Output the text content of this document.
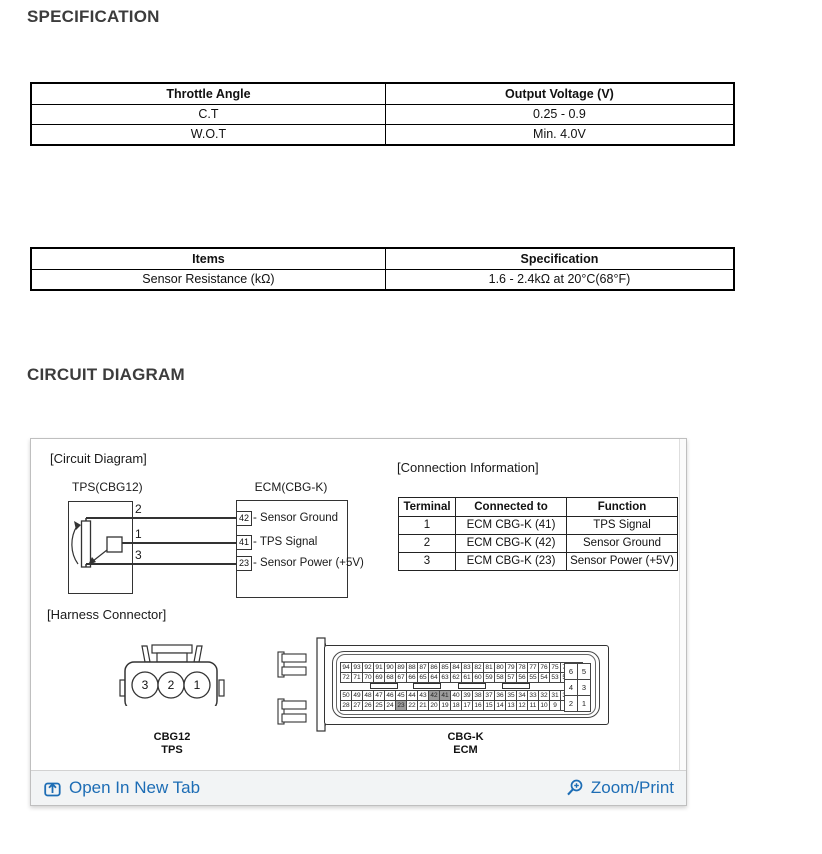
SPECIFICATION
Throttle Angle	Output Voltage (V)
C.T	0.25 - 0.9
W.O.T	Min. 4.0V
Items	Specification
Sensor Resistance (kΩ)	1.6 - 2.4kΩ at 20°C(68°F)
CIRCUIT DIAGRAM
[Circuit Diagram]
TPS(CBG12)
2
1
3
ECM(CBG-K)
42 - Sensor Ground
41 - TPS Signal
23 - Sensor Power (+5V)
[Connection Information]
Terminal	Connected to	Function
1	ECM CBG-K (41)	TPS Signal
2	ECM CBG-K (42)	Sensor Ground
3	ECM CBG-K (23)	Sensor Power (+5V)
[Harness Connector]
3 2 1
CBG12
TPS
94	93	92	91	90	89	88	87	86	85	84	83	82	81	80	79	78	77	76	75		
72	71	70	69	68	67	66	65	64	63	62	61	60	59	58	57	56	55	54	53		
50	49	48	47	46	45	44	43	42	41	40	39	38	37	36	35	34	33	32	31		
28	27	26	25	24	23	22	21	20	19	18	17	16	15	14	13	12	11	10	9		
6	5
4	3
2	1
CBG-K
ECM
Open In New Tab	Zoom/Print
